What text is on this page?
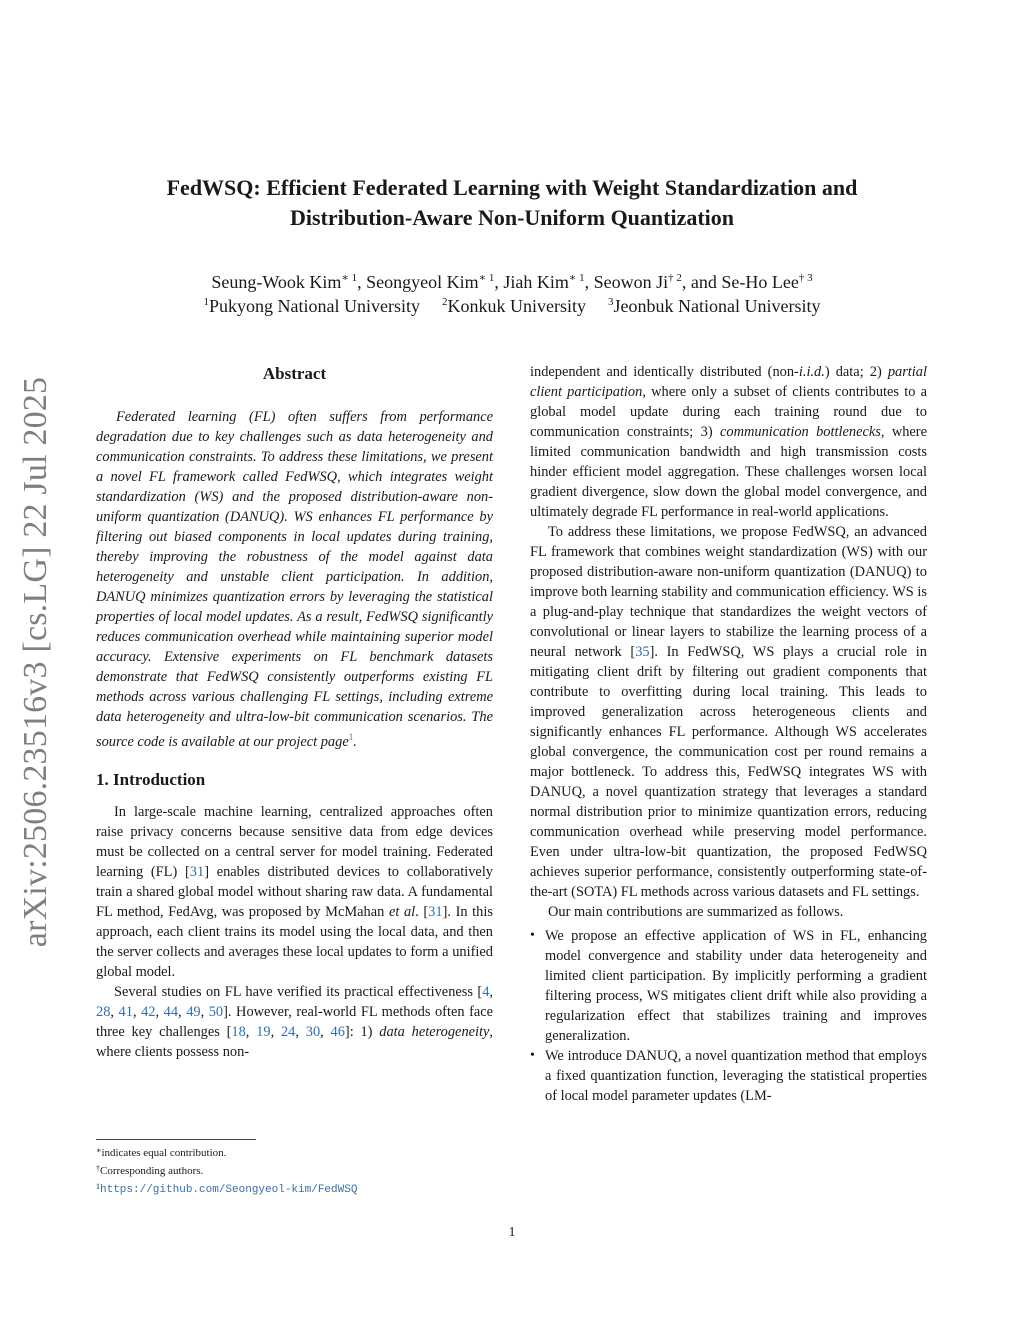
arXiv:2506.23516v3 [cs.LG] 22 Jul 2025
FedWSQ: Efficient Federated Learning with Weight Standardization and
Distribution-Aware Non-Uniform Quantization
Seung-Wook Kim$^{∗ 1}$, Seongyeol Kim$^{∗ 1}$, Jiah Kim$^{∗ 1}$, Seowon Ji$^{\dagger 2}$, and Se-Ho Lee$^{\dagger 3}$
$^1$Pukyong National University $^2$Konkuk University $^3$Jeonbuk National University
Abstract

Federated learning (FL) often suffers from performance degradation due to key challenges such as data heterogeneity and communication constraints. To address these limitations, we present a novel FL framework called FedWSQ, which integrates weight standardization (WS) and the proposed distribution-aware non-uniform quantization (DANUQ). WS enhances FL performance by filtering out biased components in local updates during training, thereby improving the robustness of the model against data heterogeneity and unstable client participation. In addition, DANUQ minimizes quantization errors by leveraging the statistical properties of local model updates. As a result, FedWSQ significantly reduces communication overhead while maintaining superior model accuracy. Extensive experiments on FL benchmark datasets demonstrate that FedWSQ consistently outperforms existing FL methods across various challenging FL settings, including extreme data heterogeneity and ultra-low-bit communication scenarios. The source code is available at our project page$^1$.

1. Introduction

In large-scale machine learning, centralized approaches often raise privacy concerns because sensitive data from edge devices must be collected on a central server for model training. Federated learning (FL) [31] enables distributed devices to collaboratively train a shared global model without sharing raw data. A fundamental FL method, FedAvg, was proposed by McMahan et al. [31]. In this approach, each client trains its model using the local data, and then the server collects and averages these local updates to form a unified global model.

Several studies on FL have verified its practical effectiveness [4, 28, 41, 42, 44, 49, 50]. However, real-world FL methods often face three key challenges [18, 19, 24, 30, 46]: 1) data heterogeneity, where clients possess non-

independent and identically distributed (non-i.i.d.) data; 2) partial client participation, where only a subset of clients contributes to a global model update during each training round due to communication constraints; 3) communication bottlenecks, where limited communication bandwidth and high transmission costs hinder efficient model aggregation. These challenges worsen local gradient divergence, slow down the global model convergence, and ultimately degrade FL performance in real-world applications.

To address these limitations, we propose FedWSQ, an advanced FL framework that combines weight standardization (WS) with our proposed distribution-aware non-uniform quantization (DANUQ) to improve both learning stability and communication efficiency. WS is a plug-and-play technique that standardizes the weight vectors of convolutional or linear layers to stabilize the learning process of a neural network [35]. In FedWSQ, WS plays a crucial role in mitigating client drift by filtering out gradient components that contribute to overfitting during local training. This leads to improved generalization across heterogeneous clients and significantly enhances FL performance. Although WS accelerates global convergence, the communication cost per round remains a major bottleneck. To address this, FedWSQ integrates WS with DANUQ, a novel quantization strategy that leverages a standard normal distribution prior to minimize quantization errors, reducing communication overhead while preserving model performance. Even under ultra-low-bit quantization, the proposed FedWSQ achieves superior performance, consistently outperforming state-of-the-art (SOTA) FL methods across various datasets and FL settings.

Our main contributions are summarized as follows.

• We propose an effective application of WS in FL, enhancing model convergence and stability under data heterogeneity and limited client participation. By implicitly performing a gradient filtering process, WS mitigates client drift while also providing a regularization effect that stabilizes training and improves generalization.
• We introduce DANUQ, a novel quantization method that employs a fixed quantization function, leveraging the statistical properties of local model parameter updates (LM-

∗indicates equal contribution.

†Corresponding authors.

$^1$https://github.com/Seongyeol-kim/FedWSQ

1
